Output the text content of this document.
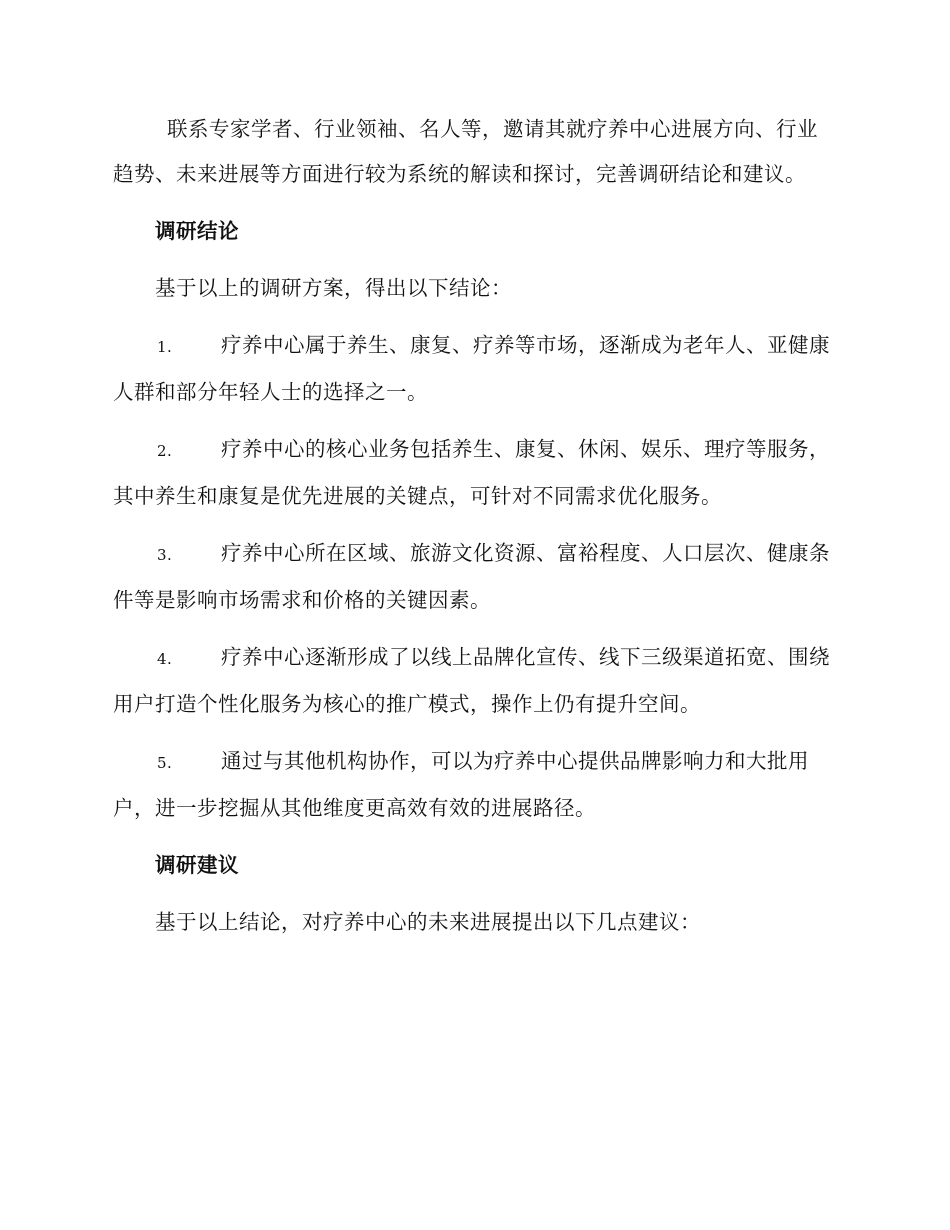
联系专家学者、行业领袖、名人等，邀请其就疗养中心进展方向、行业趋势、未来进展等方面进行较为系统的解读和探讨，完善调研结论和建议。

调研结论

基于以上的调研方案，得出以下结论：

1. 疗养中心属于养生、康复、疗养等市场，逐渐成为老年人、亚健康人群和部分年轻人士的选择之一。

2. 疗养中心的核心业务包括养生、康复、休闲、娱乐、理疗等服务，其中养生和康复是优先进展的关键点，可针对不同需求优化服务。

3. 疗养中心所在区域、旅游文化资源、富裕程度、人口层次、健康条件等是影响市场需求和价格的关键因素。

4. 疗养中心逐渐形成了以线上品牌化宣传、线下三级渠道拓宽、围绕用户打造个性化服务为核心的推广模式，操作上仍有提升空间。

5. 通过与其他机构协作，可以为疗养中心提供品牌影响力和大批用户，进一步挖掘从其他维度更高效有效的进展路径。

调研建议

基于以上结论，对疗养中心的未来进展提出以下几点建议：
